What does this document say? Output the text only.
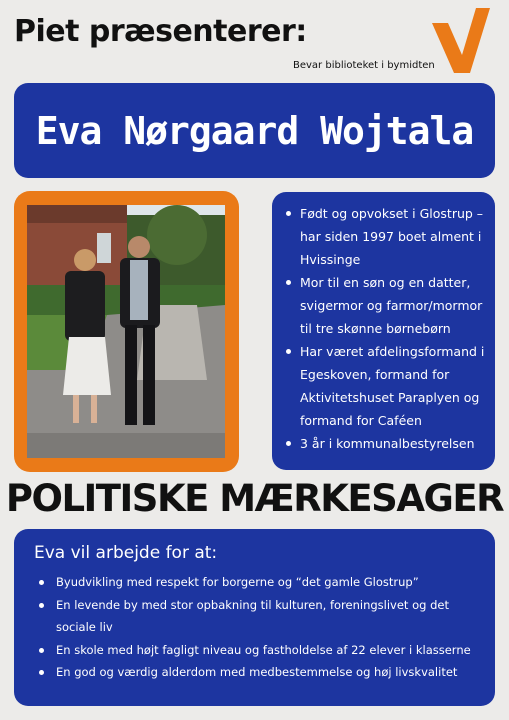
Piet præsenterer:
Bevar biblioteket i bymidten
Eva Nørgaard Wojtala
Født og opvokset i Glostrup – har siden 1997 boet alment i Hvissinge
Mor til en søn og en datter, svigermor og farmor/mormor til tre skønne børnebørn
Har været afdelingsformand i Egeskoven, formand for Aktivitetshuset Paraplyen og formand for Caféen
3 år i kommunalbestyrelsen
POLITISKE MÆRKESAGER
Eva vil arbejde for at:
Byudvikling med respekt for borgerne og “det gamle Glostrup”
En levende by med stor opbakning til kulturen, foreningslivet og det sociale liv
En skole med højt fagligt niveau og fastholdelse af 22 elever i klasserne
En god og værdig alderdom med medbestemmelse og høj livskvalitet
